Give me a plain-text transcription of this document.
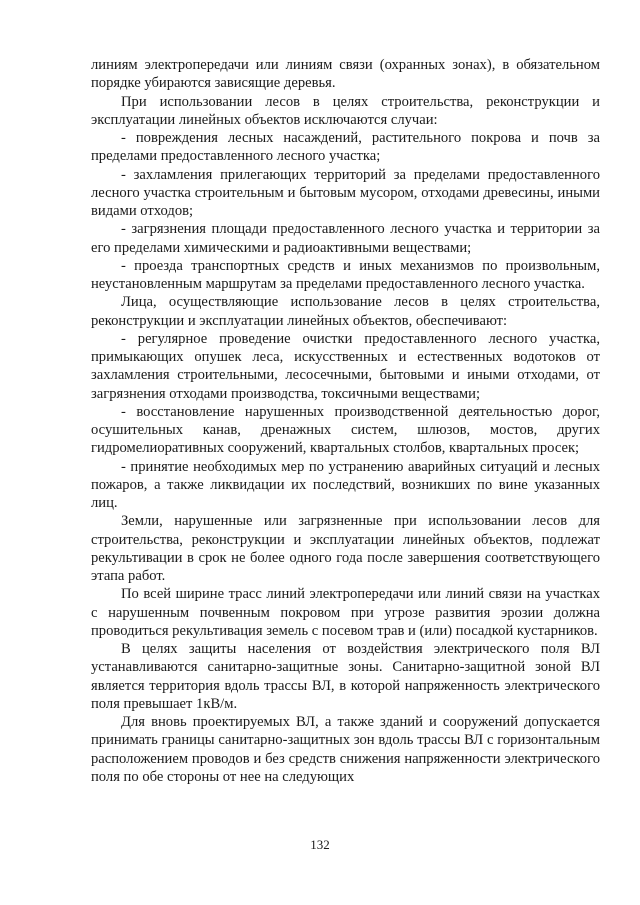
линиям электропередачи или линиям связи (охранных зонах), в обязательном порядке убираются зависящие деревья.

При использовании лесов в целях строительства, реконструкции и эксплуатации линейных объектов исключаются случаи:

- повреждения лесных насаждений, растительного покрова и почв за пределами предоставленного лесного участка;

- захламления прилегающих территорий за пределами предоставленного лесного участка строительным и бытовым мусором, отходами древесины, иными видами отходов;

- загрязнения площади предоставленного лесного участка и территории за его пределами химическими и радиоактивными веществами;

- проезда транспортных средств и иных механизмов по произвольным, неустановленным маршрутам за пределами предоставленного лесного участка.

Лица, осуществляющие использование лесов в целях строительства, реконструкции и эксплуатации линейных объектов, обеспечивают:

- регулярное проведение очистки предоставленного лесного участка, примыкающих опушек леса, искусственных и естественных водотоков от захламления строительными, лесосечными, бытовыми и иными отходами, от загрязнения отходами производства, токсичными веществами;

- восстановление нарушенных производственной деятельностью дорог, осушительных канав, дренажных систем, шлюзов, мостов, других гидромелиоративных сооружений, квартальных столбов, квартальных просек;

- принятие необходимых мер по устранению аварийных ситуаций и лесных пожаров, а также ликвидации их последствий, возникших по вине указанных лиц.

Земли, нарушенные или загрязненные при использовании лесов для строительства, реконструкции и эксплуатации линейных объектов, подлежат рекультивации в срок не более одного года после завершения соответствующего этапа работ.

По всей ширине трасс линий электропередачи или линий связи на участках с нарушенным почвенным покровом при угрозе развития эрозии должна проводиться рекультивация земель с посевом трав и (или) посадкой кустарников.

В целях защиты населения от воздействия электрического поля ВЛ устанавливаются санитарно-защитные зоны. Санитарно-защитной зоной ВЛ является территория вдоль трассы ВЛ, в которой напряженность электрического поля превышает 1кВ/м.

Для вновь проектируемых ВЛ, а также зданий и сооружений допускается принимать границы санитарно-защитных зон вдоль трассы ВЛ с горизонтальным расположением проводов и без средств снижения напряженности электрического поля по обе стороны от нее на следующих

132
